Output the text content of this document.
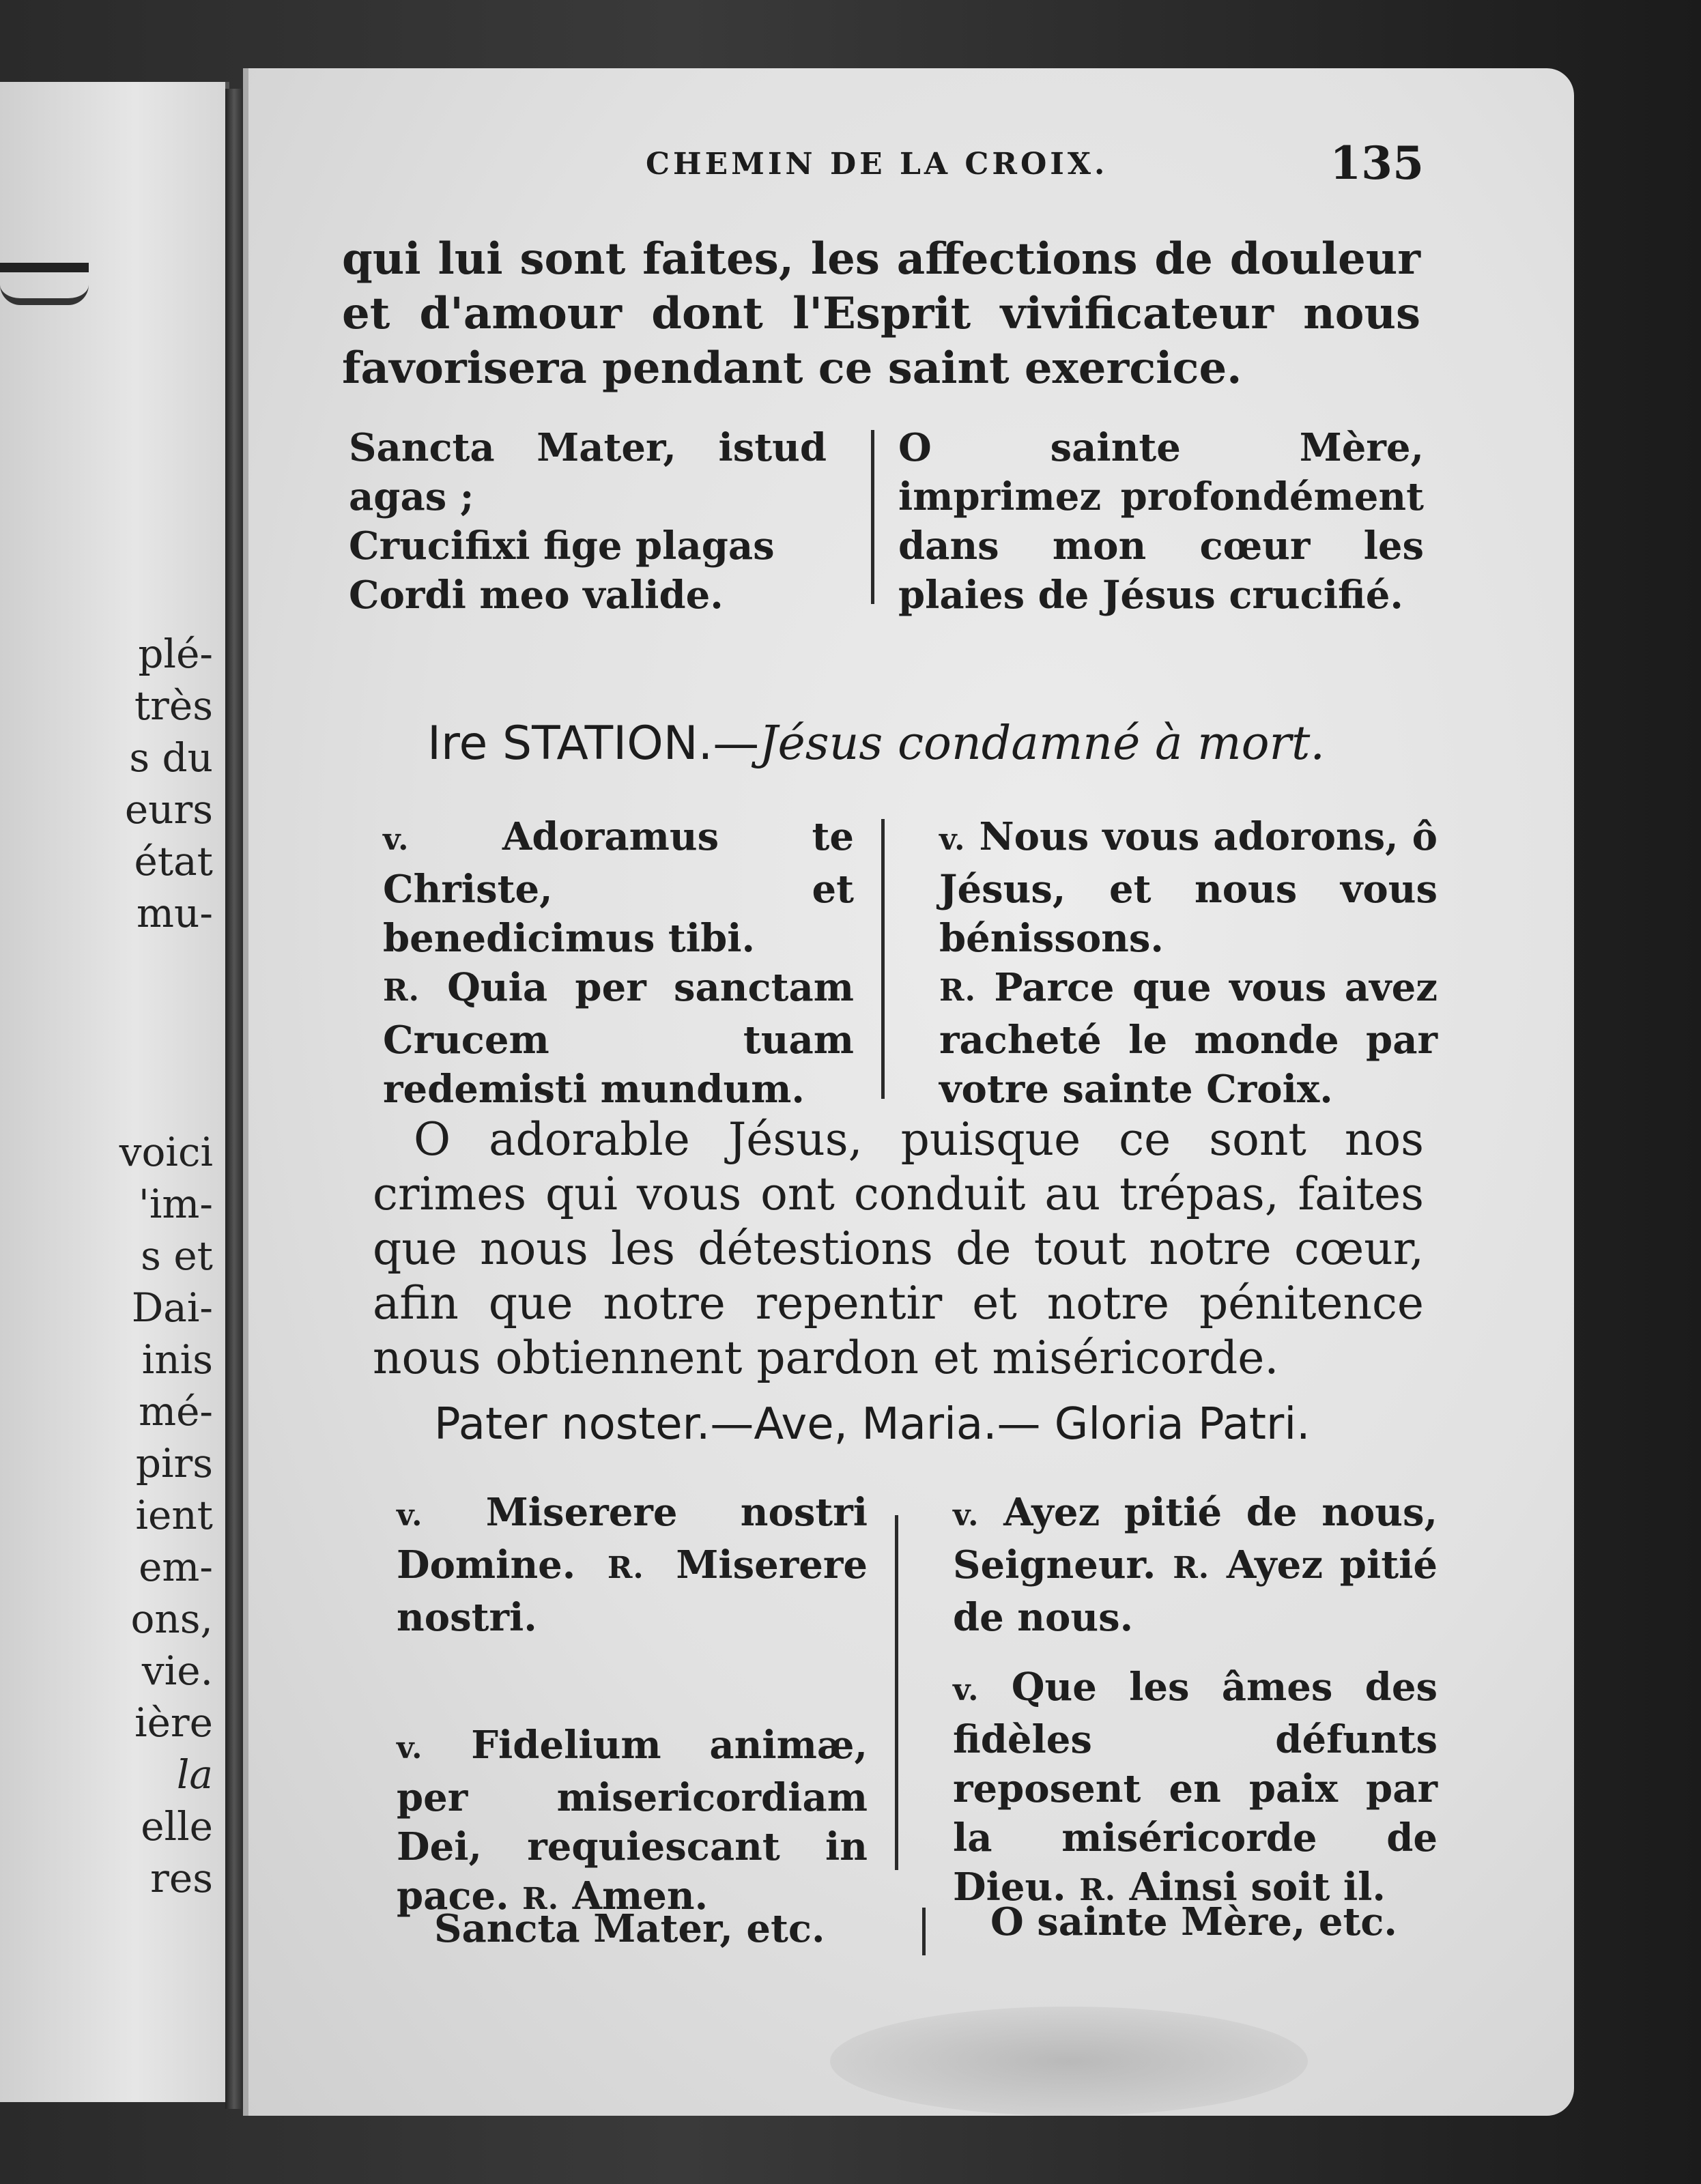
plé-
très
s du
eurs
état
mu-
voici
'im-
s et
Dai-
inis
mé-
pirs
ient
em-
ons,
vie.
ière
la
elle
res
CHEMIN DE LA CROIX.	135
qui lui sont faites, les affections de douleur et d'amour dont l'Esprit vivificateur nous favorisera pendant ce saint exercice.

Sancta Mater, istud agas ;

Crucifixi fige plagas

Cordi meo valide.

O sainte Mère, imprimez profondément dans mon cœur les plaies de Jésus crucifié.

Ire STATION.—Jésus condamné à mort.

v. Adoramus te Christe, et benedicimus tibi.

R. Quia per sanctam Crucem tuam redemisti mundum.

v. Nous vous adorons, ô Jésus, et nous vous bénissons.

R. Parce que vous avez racheté le monde par votre sainte Croix.

O adorable Jésus, puisque ce sont nos crimes qui vous ont conduit au trépas, faites que nous les détestions de tout notre cœur, afin que notre repentir et notre pénitence nous obtiennent pardon et miséricorde.
Pater noster.—Ave, Maria.— Gloria Patri.

v. Miserere nostri Domine. R. Miserere nostri.

v. Fidelium animæ, per misericordiam Dei, requiescant in pace. R. Amen.

v. Ayez pitié de nous, Seigneur. R. Ayez pitié de nous.

v. Que les âmes des fidèles défunts reposent en paix par la miséricorde de Dieu. R. Ainsi soit il.

Sancta Mater, etc.	O sainte Mère, etc.
